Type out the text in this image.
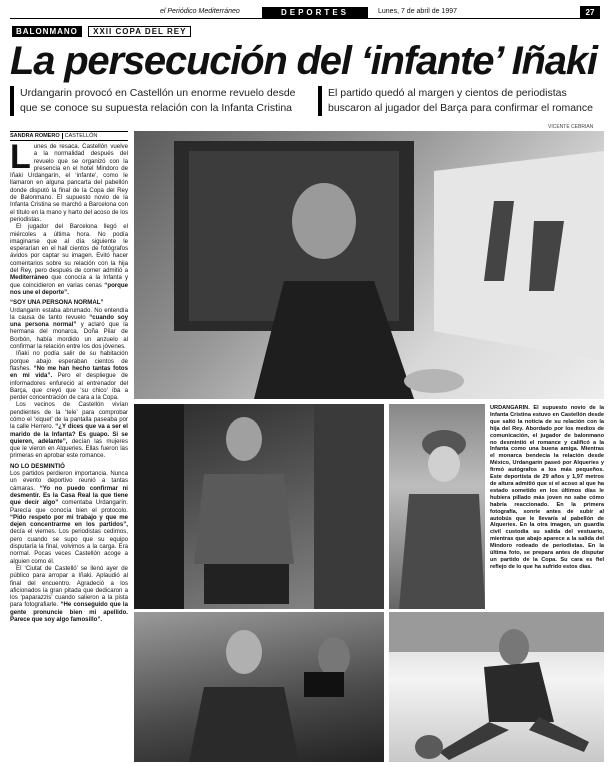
el Periódico Mediterráneo	DEPORTES	Lunes, 7 de abril de 1997	27
BALONMANO XXII COPA DEL REY
La persecución del ‘infante’ Iñaki
Urdangarin provocó en Castellón un enorme revuelo desde que se conoce su supuesta relación con la Infanta Cristina
El partido quedó al margen y cientos de periodistas buscaron al jugador del Barça para confirmar el romance
VICENTE CEBRIAN
SANDRA ROMERO CASTELLÓN

Lunes de resaca. Castellón vuelve a la normalidad después del revuelo que se organizó con la presencia en el hotel Mindoro de Iñaki Urdangarín, el ‘infante’, como le llamaron en alguna pancarta del pabellón donde disputó la final de la Copa del Rey de Balonmano. El supuesto novio de la Infanta Cristina se marchó a Barcelona con el título en la mano y harto del acoso de los periodistas.

El jugador del Barcelona llegó el miércoles a última hora. No podía imaginarse que al día siguiente le esperarían en el hall cientos de fotógrafos ávidos por captar su imagen. Evitó hacer comentarios sobre su relación con la hija del Rey, pero después de comer admitió a Mediterráneo que conocía a la Infanta y que coincidieron en varias cenas “porque nos une el deporte”.

“SOY UNA PERSONA NORMAL”

Urdangarin estaba abrumado. No entendía la causa de tanto revuelo “cuando soy una persona normal” y aclaró que la hermana del monarca, Doña Pilar de Borbón, había mordido un anzuelo al confirmar la relación entre los dos jóvenes.

Iñaki no podía salir de su habitación porque abajo esperaban cientos de flashes. “No me han hecho tantas fotos en mi vida”. Pero el despliegue de informadores enfureció al entrenador del Barça, que creyó que ‘su chico’ iba a perder concentración de cara a la Copa.

Los vecinos de Castellón vivían pendientes de la ‘tele’ para comprobar cómo el ‘xiquet’ de la pantalla paseaba por la calle Herrero. “¿Y dices que va a ser el marido de la Infanta? Es guapo. Si se quieren, adelante”, decían las mujeres que le vieron en Alqueries. Ellas fueron las primeras en aprobar este romance.

NO LO DESMINTIÓ

Los partidos perdieron importancia. Nunca un evento deportivo reunió a tantas cámaras. “Yo no puedo confirmar ni desmentir. Es la Casa Real la que tiene que decir algo” comentaba Urdangarín. Parecía que conocía bien el protocolo. “Pido respeto por mi trabajo y que me dejen concentrarme en los partidos”, decía el viernes. Los periodistas cedimos, pero cuando se supo que su equipo disputaría la final, volvimos a la carga. Era normal. Pocas veces Castellón acoge a alguien como él.

El ‘Ciutat de Castelló’ se llenó ayer de público para arropar a Iñaki. Aplaudió al final del encuentro. Agradeció a los aficionados la gran pitada que dedicaron a los ‘paparazzis’ cuando salieron a la pista para fotografiarle. “He conseguido que la gente pronuncie bien mi apellido. Parece que soy algo famosillo”.

URDANGARIN. El supuesto novio de la Infanta Cristina estuvo en Castellón desde que saltó la noticia de su relación con la hija del Rey. Abordado por los medios de comunicación, el jugador de balonmano no desmintió el romance y calificó a la Infanta como una buena amiga. Mientras el monarca bendecía la relación desde México, Urdangarin paseó por Alqueries y firmó autógrafos a los más pequeños. Este deportista de 29 años y 1,97 metros de altura admitió que sí el acoso al que ha estado sometido en los últimos días le hubiera pillado más joven no sabe cómo habría reaccionado. En la primera fotografía, sonríe antes de subir al autobús que le llevaría al pabellón de Alqueries. En la otra imagen, un guardia civil custodia su salida del vestuario, mientras que abajo aparece a la salida del Mindoro rodeado de periodistas. En la última foto, se prepara antes de disputar un partido de la Copa. Su cara es fiel reflejo de lo que ha sufrido estos días.
